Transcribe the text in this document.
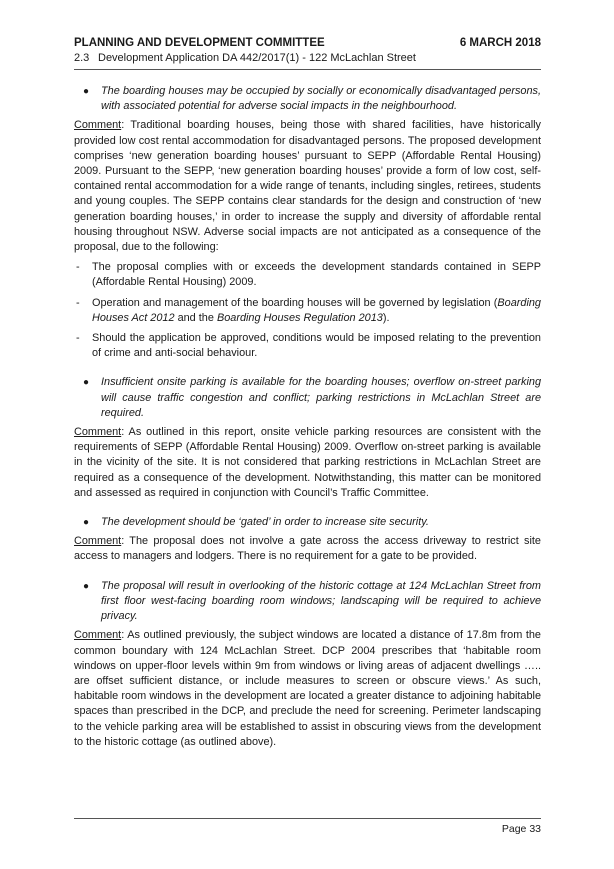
PLANNING AND DEVELOPMENT COMMITTEE	6 MARCH 2018
2.3 Development Application DA 442/2017(1) - 122 McLachlan Street
●	The boarding houses may be occupied by socially or economically disadvantaged persons, with associated potential for adverse social impacts in the neighbourhood.

Comment: Traditional boarding houses, being those with shared facilities, have historically provided low cost rental accommodation for disadvantaged persons. The proposed development comprises ‘new generation boarding houses’ pursuant to SEPP (Affordable Rental Housing) 2009. Pursuant to the SEPP, ‘new generation boarding houses’ provide a form of low cost, self-contained rental accommodation for a wide range of tenants, including singles, retirees, students and young couples. The SEPP contains clear standards for the design and construction of ‘new generation boarding houses,’ in order to increase the supply and diversity of affordable rental housing throughout NSW. Adverse social impacts are not anticipated as a consequence of the proposal, due to the following:

-	The proposal complies with or exceeds the development standards contained in SEPP (Affordable Rental Housing) 2009.
-	Operation and management of the boarding houses will be governed by legislation (Boarding Houses Act 2012 and the Boarding Houses Regulation 2013).
-	Should the application be approved, conditions would be imposed relating to the prevention of crime and anti-social behaviour.
●	Insufficient onsite parking is available for the boarding houses; overflow on-street parking will cause traffic congestion and conflict; parking restrictions in McLachlan Street are required.

Comment: As outlined in this report, onsite vehicle parking resources are consistent with the requirements of SEPP (Affordable Rental Housing) 2009. Overflow on-street parking is available in the vicinity of the site. It is not considered that parking restrictions in McLachlan Street are required as a consequence of the development. Notwithstanding, this matter can be monitored and assessed as required in conjunction with Council’s Traffic Committee.

●	The development should be ‘gated’ in order to increase site security.

Comment: The proposal does not involve a gate across the access driveway to restrict site access to managers and lodgers. There is no requirement for a gate to be provided.

●	The proposal will result in overlooking of the historic cottage at 124 McLachlan Street from first floor west-facing boarding room windows; landscaping will be required to achieve privacy.

Comment: As outlined previously, the subject windows are located a distance of 17.8m from the common boundary with 124 McLachlan Street. DCP 2004 prescribes that ‘habitable room windows on upper-floor levels within 9m from windows or living areas of adjacent dwellings ….. are offset sufficient distance, or include measures to screen or obscure views.’ As such, habitable room windows in the development are located a greater distance to adjoining habitable spaces than prescribed in the DCP, and preclude the need for screening. Perimeter landscaping to the vehicle parking area will be established to assist in obscuring views from the development to the historic cottage (as outlined above).

Page 33
